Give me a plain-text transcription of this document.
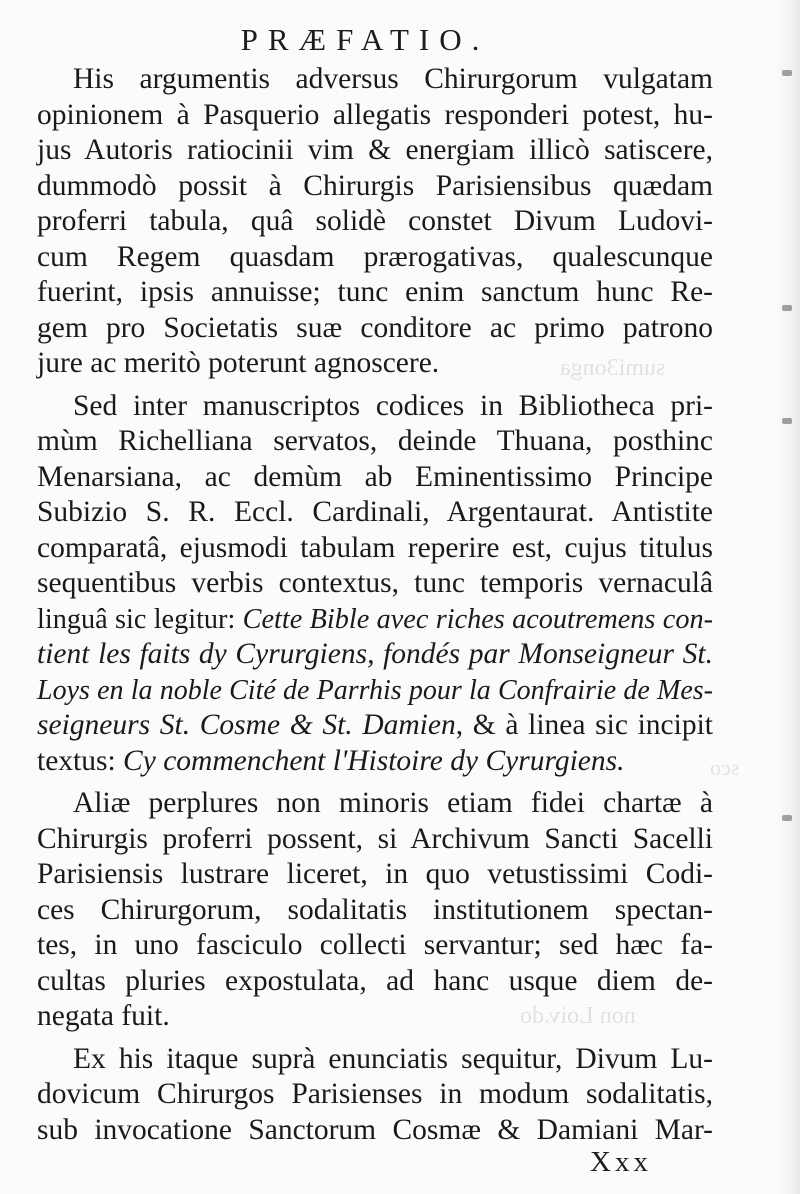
sumi3onga
non Loiv.do
sco
PRÆFATIO.
His argumentis adversus Chirurgorum vulgatam
opinionem à Pasquerio allegatis responderi potest, hu-
jus Autoris ratiocinii vim & energiam illicò satiscere,
dummodò possit à Chirurgis Parisiensibus quædam
proferri tabula, quâ solidè constet Divum Ludovi-
cum Regem quasdam prærogativas, qualescunque
fuerint, ipsis annuisse; tunc enim sanctum hunc Re-
gem pro Societatis suæ conditore ac primo patrono
jure ac meritò poterunt agnoscere.
Sed inter manuscriptos codices in Bibliotheca pri-
mùm Richelliana servatos, deinde Thuana, posthinc
Menarsiana, ac demùm ab Eminentissimo Principe
Subizio S. R. Eccl. Cardinali, Argentaurat. Antistite
comparatâ, ejusmodi tabulam reperire est, cujus titulus
sequentibus verbis contextus, tunc temporis vernaculâ
linguâ sic legitur: Cette Bible avec riches acoutremens con-
tient les faits dy Cyrurgiens, fondés par Monseigneur St.
Loys en la noble Cité de Parrhis pour la Confrairie de Mes-
seigneurs St. Cosme & St. Damien, & à linea sic incipit
textus: Cy commenchent l'Histoire dy Cyrurgiens.
Aliæ perplures non minoris etiam fidei chartæ à
Chirurgis proferri possent, si Archivum Sancti Sacelli
Parisiensis lustrare liceret, in quo vetustissimi Codi-
ces Chirurgorum, sodalitatis institutionem spectan-
tes, in uno fasciculo collecti servantur; sed hæc fa-
cultas pluries expostulata, ad hanc usque diem de-
negata fuit.
Ex his itaque suprà enunciatis sequitur, Divum Lu-
dovicum Chirurgos Parisienses in modum sodalitatis,
sub invocatione Sanctorum Cosmæ & Damiani Mar-
Xxx
